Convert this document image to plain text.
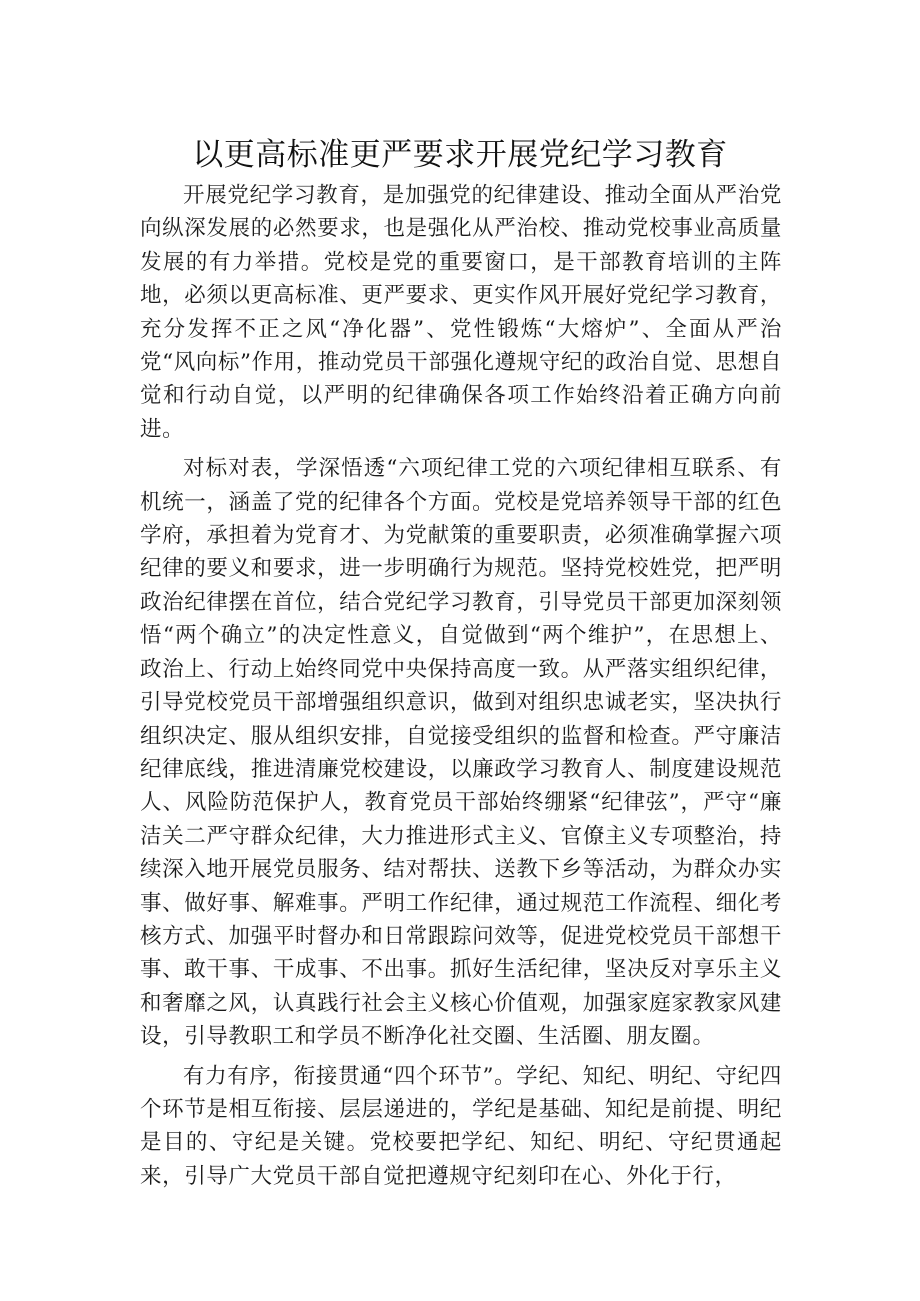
以更高标准更严要求开展党纪学习教育

开展党纪学习教育，是加强党的纪律建设、推动全面从严治党向纵深发展的必然要求，也是强化从严治校、推动党校事业高质量发展的有力举措。党校是党的重要窗口，是干部教育培训的主阵地，必须以更高标准、更严要求、更实作风开展好党纪学习教育，充分发挥不正之风“净化器”、党性锻炼“大熔炉”、全面从严治党“风向标”作用，推动党员干部强化遵规守纪的政治自觉、思想自觉和行动自觉，以严明的纪律确保各项工作始终沿着正确方向前进。

对标对表，学深悟透“六项纪律工党的六项纪律相互联系、有机统一，涵盖了党的纪律各个方面。党校是党培养领导干部的红色学府，承担着为党育才、为党献策的重要职责，必须准确掌握六项纪律的要义和要求，进一步明确行为规范。坚持党校姓党，把严明政治纪律摆在首位，结合党纪学习教育，引导党员干部更加深刻领悟“两个确立”的决定性意义，自觉做到“两个维护”，在思想上、政治上、行动上始终同党中央保持高度一致。从严落实组织纪律，引导党校党员干部增强组织意识，做到对组织忠诚老实，坚决执行组织决定、服从组织安排，自觉接受组织的监督和检查。严守廉洁纪律底线，推进清廉党校建设，以廉政学习教育人、制度建设规范人、风险防范保护人，教育党员干部始终绷紧“纪律弦”，严守“廉洁关二严守群众纪律，大力推进形式主义、官僚主义专项整治，持续深入地开展党员服务、结对帮扶、送教下乡等活动，为群众办实事、做好事、解难事。严明工作纪律，通过规范工作流程、细化考核方式、加强平时督办和日常跟踪问效等，促进党校党员干部想干事、敢干事、干成事、不出事。抓好生活纪律，坚决反对享乐主义和奢靡之风，认真践行社会主义核心价值观，加强家庭家教家风建设，引导教职工和学员不断净化社交圈、生活圈、朋友圈。

有力有序，衔接贯通“四个环节”。学纪、知纪、明纪、守纪四个环节是相互衔接、层层递进的，学纪是基础、知纪是前提、明纪是目的、守纪是关键。党校要把学纪、知纪、明纪、守纪贯通起来，引导广大党员干部自觉把遵规守纪刻印在心、外化于行，
